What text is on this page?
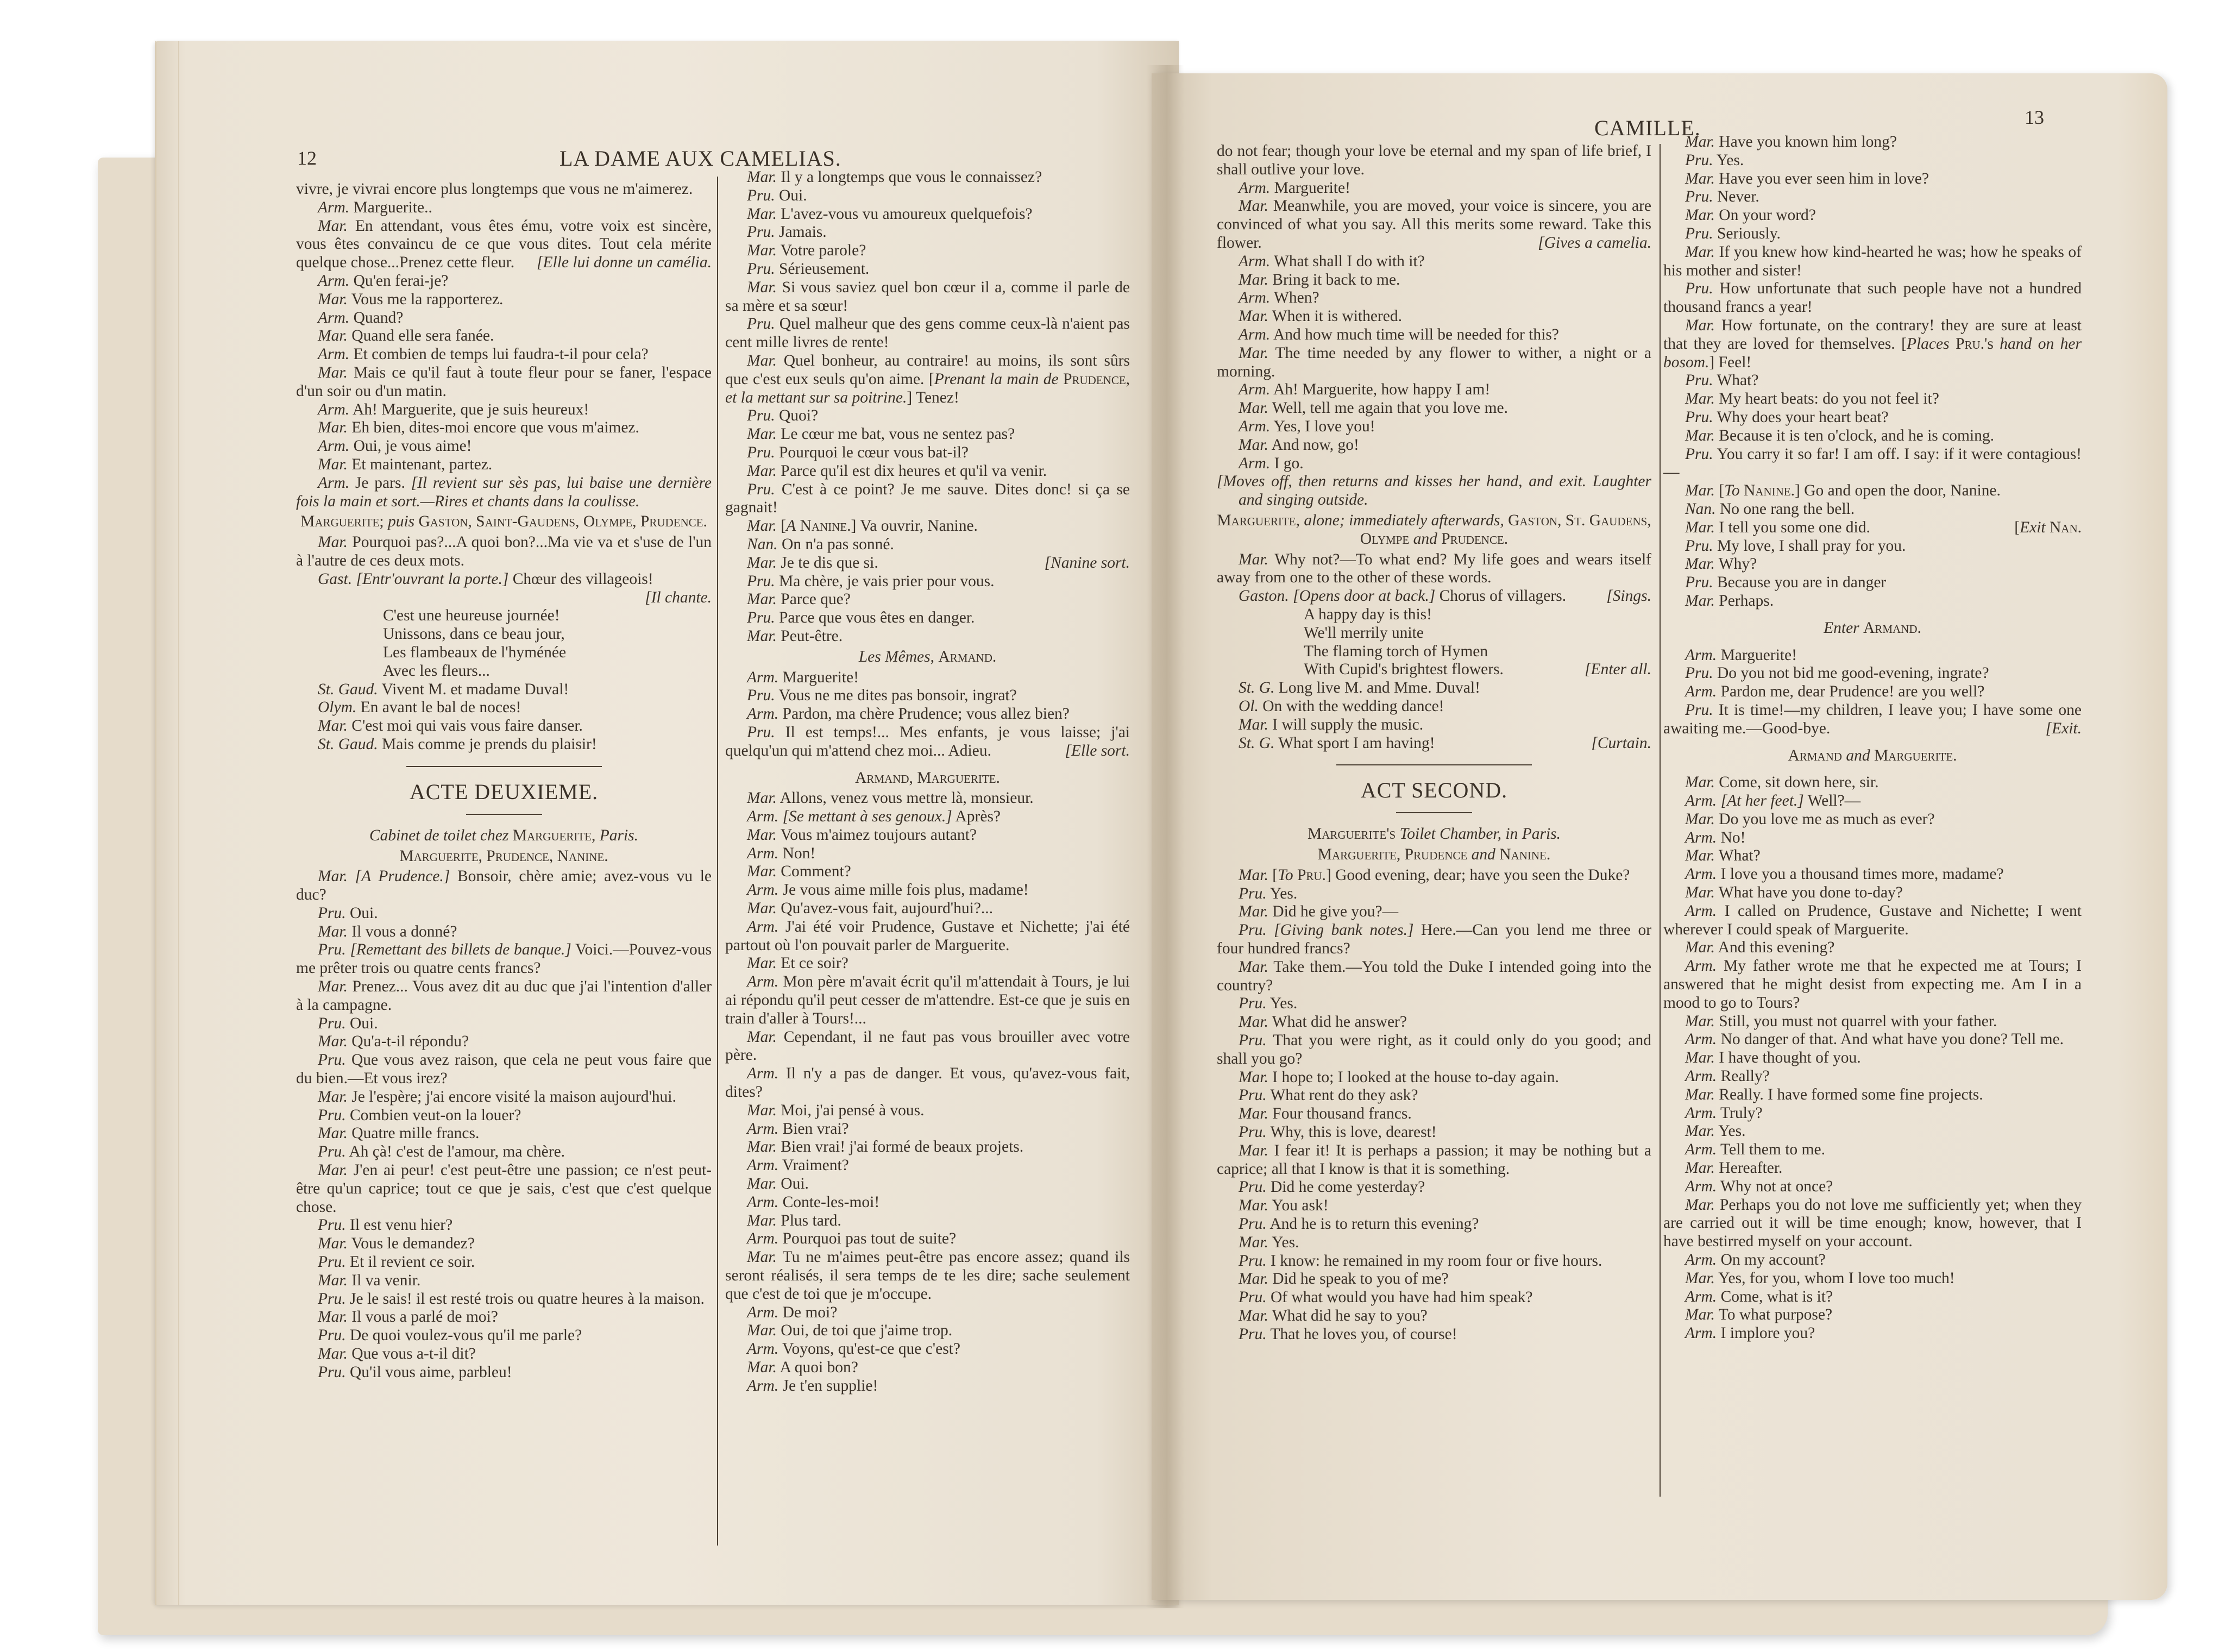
12	LA DAME AUX CAMELIAS.
CAMILLE.	13
vivre, je vivrai encore plus longtemps que vous ne m'aimerez.
Arm. Marguerite..
Mar. En attendant, vous êtes ému, votre voix est sincère, vous êtes convaincu de ce que vous dites. Tout cela mérite quelque chose...Prenez cette fleur.	[Elle lui donne un camélia.
Arm. Qu'en ferai-je?
Mar. Vous me la rapporterez.
Arm. Quand?
Mar. Quand elle sera fanée.
Arm. Et combien de temps lui faudra-t-il pour cela?
Mar. Mais ce qu'il faut à toute fleur pour se faner, l'espace d'un soir ou d'un matin.
Arm. Ah! Marguerite, que je suis heureux!
Mar. Eh bien, dites-moi encore que vous m'aimez.
Arm. Oui, je vous aime!
Mar. Et maintenant, partez.
Arm. Je pars. [Il revient sur sès pas, lui baise une dernière fois la main et sort.—Rires et chants dans la coulisse.
Marguerite; puis Gaston, Saint-Gaudens, Olympe, Prudence.
Mar. Pourquoi pas?...A quoi bon?...Ma vie va et s'use de l'un à l'autre de ces deux mots.
Gast. [Entr'ouvrant la porte.] Chœur des villageois!
[Il chante.
C'est une heureuse journée!
Unissons, dans ce beau jour,
Les flambeaux de l'hyménée
Avec les fleurs...
St. Gaud. Vivent M. et madame Duval!
Olym. En avant le bal de noces!
Mar. C'est moi qui vais vous faire danser.
St. Gaud. Mais comme je prends du plaisir!
ACTE DEUXIEME.
Cabinet de toilet chez Marguerite, Paris.
Marguerite, Prudence, Nanine.
Mar. [A Prudence.] Bonsoir, chère amie; avez-vous vu le duc?
Pru. Oui.
Mar. Il vous a donné?
Pru. [Remettant des billets de banque.] Voici.—Pouvez-vous me prêter trois ou quatre cents francs?
Mar. Prenez... Vous avez dit au duc que j'ai l'intention d'aller à la campagne.
Pru. Oui.
Mar. Qu'a-t-il répondu?
Pru. Que vous avez raison, que cela ne peut vous faire que du bien.—Et vous irez?
Mar. Je l'espère; j'ai encore visité la maison aujourd'hui.
Pru. Combien veut-on la louer?
Mar. Quatre mille francs.
Pru. Ah çà! c'est de l'amour, ma chère.
Mar. J'en ai peur! c'est peut-être une passion; ce n'est peut-être qu'un caprice; tout ce que je sais, c'est que c'est quelque chose.
Pru. Il est venu hier?
Mar. Vous le demandez?
Pru. Et il revient ce soir.
Mar. Il va venir.
Pru. Je le sais! il est resté trois ou quatre heures à la maison.
Mar. Il vous a parlé de moi?
Pru. De quoi voulez-vous qu'il me parle?
Mar. Que vous a-t-il dit?
Pru. Qu'il vous aime, parbleu!
Mar. Il y a longtemps que vous le connaissez?
Pru. Oui.
Mar. L'avez-vous vu amoureux quelquefois?
Pru. Jamais.
Mar. Votre parole?
Pru. Sérieusement.
Mar. Si vous saviez quel bon cœur il a, comme il parle de sa mère et sa sœur!
Pru. Quel malheur que des gens comme ceux-là n'aient pas cent mille livres de rente!
Mar. Quel bonheur, au contraire! au moins, ils sont sûrs que c'est eux seuls qu'on aime. [Prenant la main de Prudence, et la mettant sur sa poitrine.] Tenez!
Pru. Quoi?
Mar. Le cœur me bat, vous ne sentez pas?
Pru. Pourquoi le cœur vous bat-il?
Mar. Parce qu'il est dix heures et qu'il va venir.
Pru. C'est à ce point? Je me sauve. Dites donc! si ça se gagnait!
Mar. [A Nanine.] Va ouvrir, Nanine.
Nan. On n'a pas sonné.
Mar. Je te dis que si.	[Nanine sort.
Pru. Ma chère, je vais prier pour vous.
Mar. Parce que?
Pru. Parce que vous êtes en danger.
Mar. Peut-être.
Les Mêmes, Armand.
Arm. Marguerite!
Pru. Vous ne me dites pas bonsoir, ingrat?
Arm. Pardon, ma chère Prudence; vous allez bien?
Pru. Il est temps!... Mes enfants, je vous laisse; j'ai quelqu'un qui m'attend chez moi... Adieu.	[Elle sort.
Armand, Marguerite.
Mar. Allons, venez vous mettre là, monsieur.
Arm. [Se mettant à ses genoux.] Après?
Mar. Vous m'aimez toujours autant?
Arm. Non!
Mar. Comment?
Arm. Je vous aime mille fois plus, madame!
Mar. Qu'avez-vous fait, aujourd'hui?...
Arm. J'ai été voir Prudence, Gustave et Nichette; j'ai été partout où l'on pouvait parler de Marguerite.
Mar. Et ce soir?
Arm. Mon père m'avait écrit qu'il m'attendait à Tours, je lui ai répondu qu'il peut cesser de m'attendre. Est-ce que je suis en train d'aller à Tours!...
Mar. Cependant, il ne faut pas vous brouiller avec votre père.
Arm. Il n'y a pas de danger. Et vous, qu'avez-vous fait, dites?
Mar. Moi, j'ai pensé à vous.
Arm. Bien vrai?
Mar. Bien vrai! j'ai formé de beaux projets.
Arm. Vraiment?
Mar. Oui.
Arm. Conte-les-moi!
Mar. Plus tard.
Arm. Pourquoi pas tout de suite?
Mar. Tu ne m'aimes peut-être pas encore assez; quand ils seront réalisés, il sera temps de te les dire; sache seulement que c'est de toi que je m'occupe.
Arm. De moi?
Mar. Oui, de toi que j'aime trop.
Arm. Voyons, qu'est-ce que c'est?
Mar. A quoi bon?
Arm. Je t'en supplie!
do not fear; though your love be eternal and my span of life brief, I shall outlive your love.
Arm. Marguerite!
Mar. Meanwhile, you are moved, your voice is sincere, you are convinced of what you say. All this merits some reward. Take this flower.	[Gives a camelia.
Arm. What shall I do with it?
Mar. Bring it back to me.
Arm. When?
Mar. When it is withered.
Arm. And how much time will be needed for this?
Mar. The time needed by any flower to wither, a night or a morning.
Arm. Ah! Marguerite, how happy I am!
Mar. Well, tell me again that you love me.
Arm. Yes, I love you!
Mar. And now, go!
Arm. I go.
[Moves off, then returns and kisses her hand, and exit. Laughter and singing outside.
Marguerite, alone; immediately afterwards, Gaston, St. Gaudens, Olympe and Prudence.
Mar. Why not?—To what end? My life goes and wears itself away from one to the other of these words.
Gaston. [Opens door at back.] Chorus of villagers.	[Sings.
A happy day is this!
We'll merrily unite
The flaming torch of Hymen
With Cupid's brightest flowers.	[Enter all.
St. G. Long live M. and Mme. Duval!
Ol. On with the wedding dance!
Mar. I will supply the music.
St. G. What sport I am having!	[Curtain.
ACT SECOND.
Marguerite's Toilet Chamber, in Paris.
Marguerite, Prudence and Nanine.
Mar. [To Pru.] Good evening, dear; have you seen the Duke?
Pru. Yes.
Mar. Did he give you?—
Pru. [Giving bank notes.] Here.—Can you lend me three or four hundred francs?
Mar. Take them.—You told the Duke I intended going into the country?
Pru. Yes.
Mar. What did he answer?
Pru. That you were right, as it could only do you good; and shall you go?
Mar. I hope to; I looked at the house to-day again.
Pru. What rent do they ask?
Mar. Four thousand francs.
Pru. Why, this is love, dearest!
Mar. I fear it! It is perhaps a passion; it may be nothing but a caprice; all that I know is that it is something.
Pru. Did he come yesterday?
Mar. You ask!
Pru. And he is to return this evening?
Mar. Yes.
Pru. I know: he remained in my room four or five hours.
Mar. Did he speak to you of me?
Pru. Of what would you have had him speak?
Mar. What did he say to you?
Pru. That he loves you, of course!
Mar. Have you known him long?
Pru. Yes.
Mar. Have you ever seen him in love?
Pru. Never.
Mar. On your word?
Pru. Seriously.
Mar. If you knew how kind-hearted he was; how he speaks of his mother and sister!
Pru. How unfortunate that such people have not a hundred thousand francs a year!
Mar. How fortunate, on the contrary! they are sure at least that they are loved for themselves. [Places Pru.'s hand on her bosom.] Feel!
Pru. What?
Mar. My heart beats: do you not feel it?
Pru. Why does your heart beat?
Mar. Because it is ten o'clock, and he is coming.
Pru. You carry it so far! I am off. I say: if it were contagious!—
Mar. [To Nanine.] Go and open the door, Nanine.
Nan. No one rang the bell.
Mar. I tell you some one did.	[Exit Nan.
Pru. My love, I shall pray for you.
Mar. Why?
Pru. Because you are in danger
Mar. Perhaps.
Enter Armand.
Arm. Marguerite!
Pru. Do you not bid me good-evening, ingrate?
Arm. Pardon me, dear Prudence! are you well?
Pru. It is time!—my children, I leave you; I have some one awaiting me.—Good-bye.	[Exit.
Armand and Marguerite.
Mar. Come, sit down here, sir.
Arm. [At her feet.] Well?—
Mar. Do you love me as much as ever?
Arm. No!
Mar. What?
Arm. I love you a thousand times more, madame?
Mar. What have you done to-day?
Arm. I called on Prudence, Gustave and Nichette; I went wherever I could speak of Marguerite.
Mar. And this evening?
Arm. My father wrote me that he expected me at Tours; I answered that he might desist from expecting me. Am I in a mood to go to Tours?
Mar. Still, you must not quarrel with your father.
Arm. No danger of that. And what have you done? Tell me.
Mar. I have thought of you.
Arm. Really?
Mar. Really. I have formed some fine projects.
Arm. Truly?
Mar. Yes.
Arm. Tell them to me.
Mar. Hereafter.
Arm. Why not at once?
Mar. Perhaps you do not love me sufficiently yet; when they are carried out it will be time enough; know, however, that I have bestirred myself on your account.
Arm. On my account?
Mar. Yes, for you, whom I love too much!
Arm. Come, what is it?
Mar. To what purpose?
Arm. I implore you?
